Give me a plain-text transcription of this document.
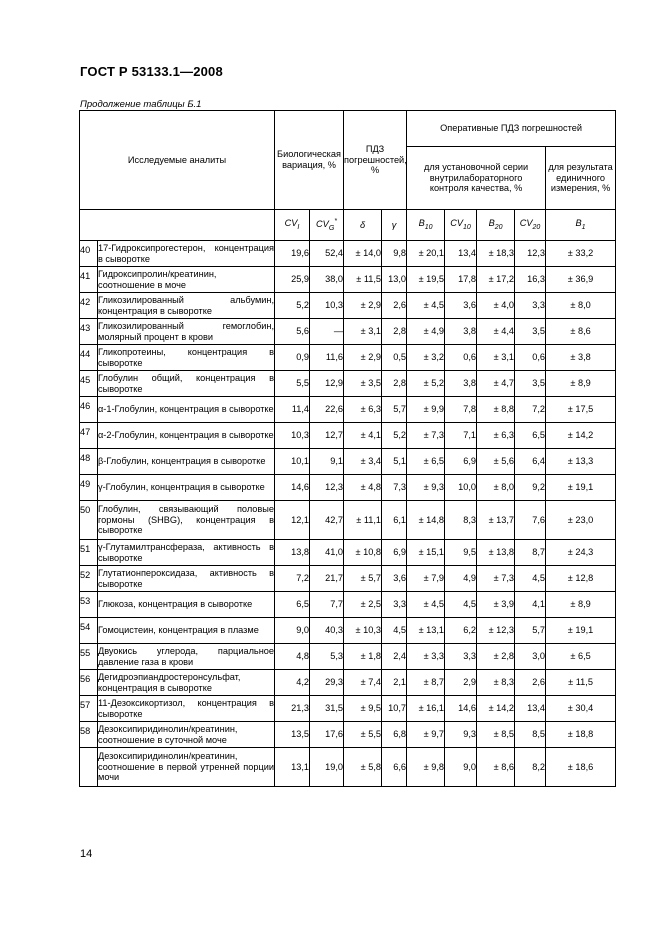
ГОСТ Р 53133.1—2008
Продолжение таблицы Б.1
Исследуемые аналиты		Биологическая вариация, %		ПДЗ погрешностей, %		Оперативные ПДЗ погрешностей				
						для установочной серии внутрилабораторного контроля качества, %				для результата единичного измерения, %
		$CV_I$	$CV_G^*$	δ	γ	$B_{10}$	$CV_{10}$	$B_{20}$	$CV_{20}$	$B_1$
40	17-Гидроксипрогестерон, концентрация в сыворотке	19,6	52,4	± 14,0	9,8	± 20,1	13,4	± 18,3	12,3	± 33,2
41	Гидроксипролин/креатинин, соотношение в моче	25,9	38,0	± 11,5	13,0	± 19,5	17,8	± 17,2	16,3	± 36,9
42	Гликозилированный альбумин, концентрация в сыворотке	5,2	10,3	± 2,9	2,6	± 4,5	3,6	± 4,0	3,3	± 8,0
43	Гликозилированный гемоглобин, молярный процент в крови	5,6	—	± 3,1	2,8	± 4,9	3,8	± 4,4	3,5	± 8,6
44	Гликопротеины, концентрация в сыворотке	0,9	11,6	± 2,9	0,5	± 3,2	0,6	± 3,1	0,6	± 3,8
45	Глобулин общий, концентрация в сыворотке	5,5	12,9	± 3,5	2,8	± 5,2	3,8	± 4,7	3,5	± 8,9
46	α-1-Глобулин, концентрация в сыворотке	11,4	22,6	± 6,3	5,7	± 9,9	7,8	± 8,8	7,2	± 17,5
47	α-2-Глобулин, концентрация в сыворотке	10,3	12,7	± 4,1	5,2	± 7,3	7,1	± 6,3	6,5	± 14,2
48	β-Глобулин, концентрация в сыворотке	10,1	9,1	± 3,4	5,1	± 6,5	6,9	± 5,6	6,4	± 13,3
49	γ-Глобулин, концентрация в сыворотке	14,6	12,3	± 4,8	7,3	± 9,3	10,0	± 8,0	9,2	± 19,1
50	Глобулин, связывающий половые гормоны (SHBG), концентрация в сыворотке	12,1	42,7	± 11,1	6,1	± 14,8	8,3	± 13,7	7,6	± 23,0
51	γ-Глутамилтрансфераза, активность в сыворотке	13,8	41,0	± 10,8	6,9	± 15,1	9,5	± 13,8	8,7	± 24,3
52	Глутатионпероксидаза, активность в сыворотке	7,2	21,7	± 5,7	3,6	± 7,9	4,9	± 7,3	4,5	± 12,8
53	Глюкоза, концентрация в сыворотке	6,5	7,7	± 2,5	3,3	± 4,5	4,5	± 3,9	4,1	± 8,9
54	Гомоцистеин, концентрация в плазме	9,0	40,3	± 10,3	4,5	± 13,1	6,2	± 12,3	5,7	± 19,1
55	Двуокись углерода, парциальное давление газа в крови	4,8	5,3	± 1,8	2,4	± 3,3	3,3	± 2,8	3,0	± 6,5
56	Дегидроэпиандростеронсульфат, концентрация в сыворотке	4,2	29,3	± 7,4	2,1	± 8,7	2,9	± 8,3	2,6	± 11,5
57	11-Дезоксикортизол, концентрация в сыворотке	21,3	31,5	± 9,5	10,7	± 16,1	14,6	± 14,2	13,4	± 30,4
58	Дезоксипиридинолин/креатинин, соотношение в суточной моче	13,5	17,6	± 5,5	6,8	± 9,7	9,3	± 8,5	8,5	± 18,8
	Дезоксипиридинолин/креатинин, соотношение в первой утренней порции мочи	13,1	19,0	± 5,8	6,6	± 9,8	9,0	± 8,6	8,2	± 18,6
14
